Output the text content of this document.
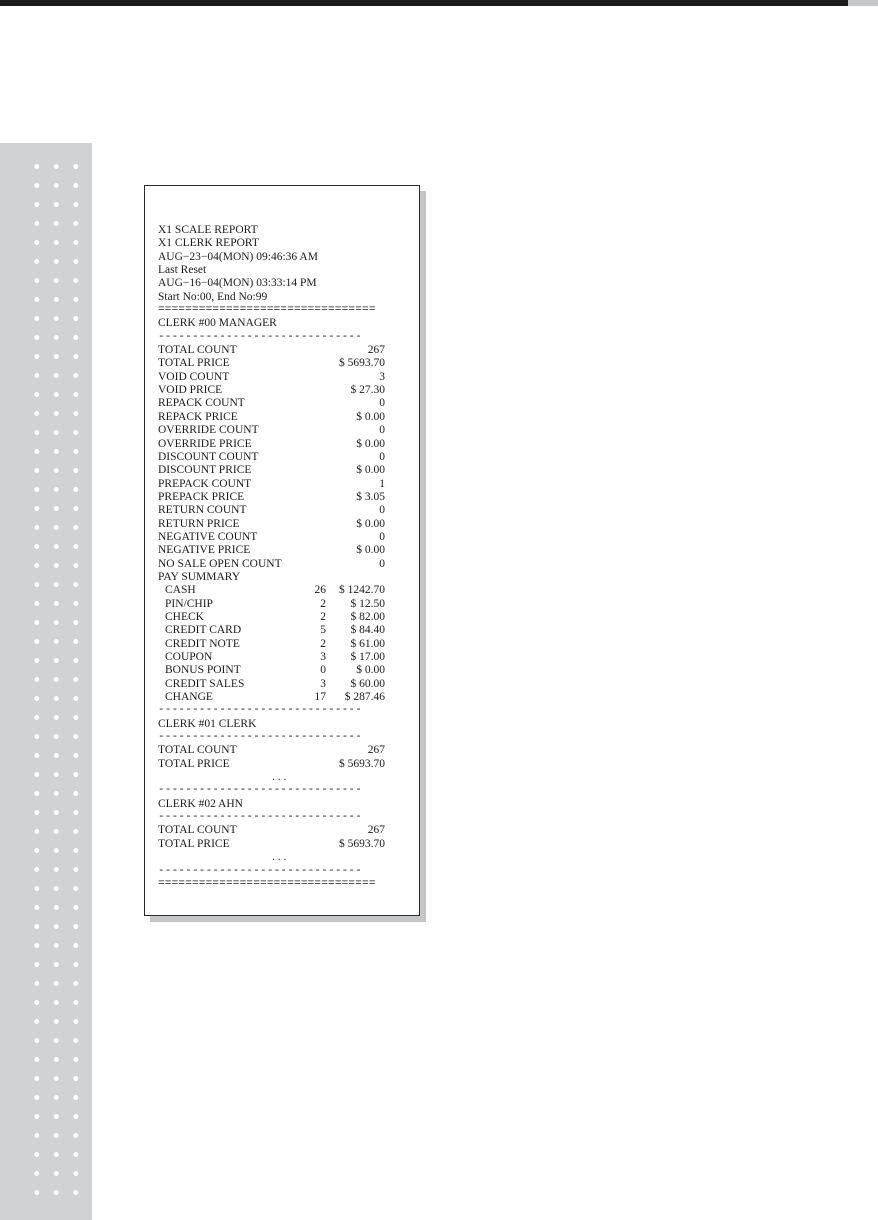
X1 SCALE REPORT
X1 CLERK REPORT
AUG−23−04(MON) 09:46:36 AM
Last Reset
AUG−16−04(MON) 03:33:14 PM
Start No:00, End No:99
================================
CLERK #00 MANAGER
------------------------------
TOTAL COUNT	267
TOTAL PRICE	$ 5693.70
VOID COUNT	3
VOID PRICE	$ 27.30
REPACK COUNT	0
REPACK PRICE	$ 0.00
OVERRIDE COUNT	0
OVERRIDE PRICE	$ 0.00
DISCOUNT COUNT	0
DISCOUNT PRICE	$ 0.00
PREPACK COUNT	1
PREPACK PRICE	$ 3.05
RETURN COUNT	0
RETURN PRICE	$ 0.00
NEGATIVE COUNT	0
NEGATIVE PRICE	$ 0.00
NO SALE OPEN COUNT	0
PAY SUMMARY
CASH	26 $ 1242.70
PIN/CHIP	2 $ 12.50
CHECK	2 $ 82.00
CREDIT CARD	5 $ 84.40
CREDIT NOTE	2 $ 61.00
COUPON	3 $ 17.00
BONUS POINT	0	$ 0.00
CREDIT SALES	3 $ 60.00
CHANGE	17 $ 287.46
------------------------------
CLERK #01 CLERK
------------------------------
TOTAL COUNT	267
TOTAL PRICE	$ 5693.70
. . .
------------------------------
CLERK #02 AHN
------------------------------
TOTAL COUNT	267
TOTAL PRICE	$ 5693.70
. . .
------------------------------
================================
